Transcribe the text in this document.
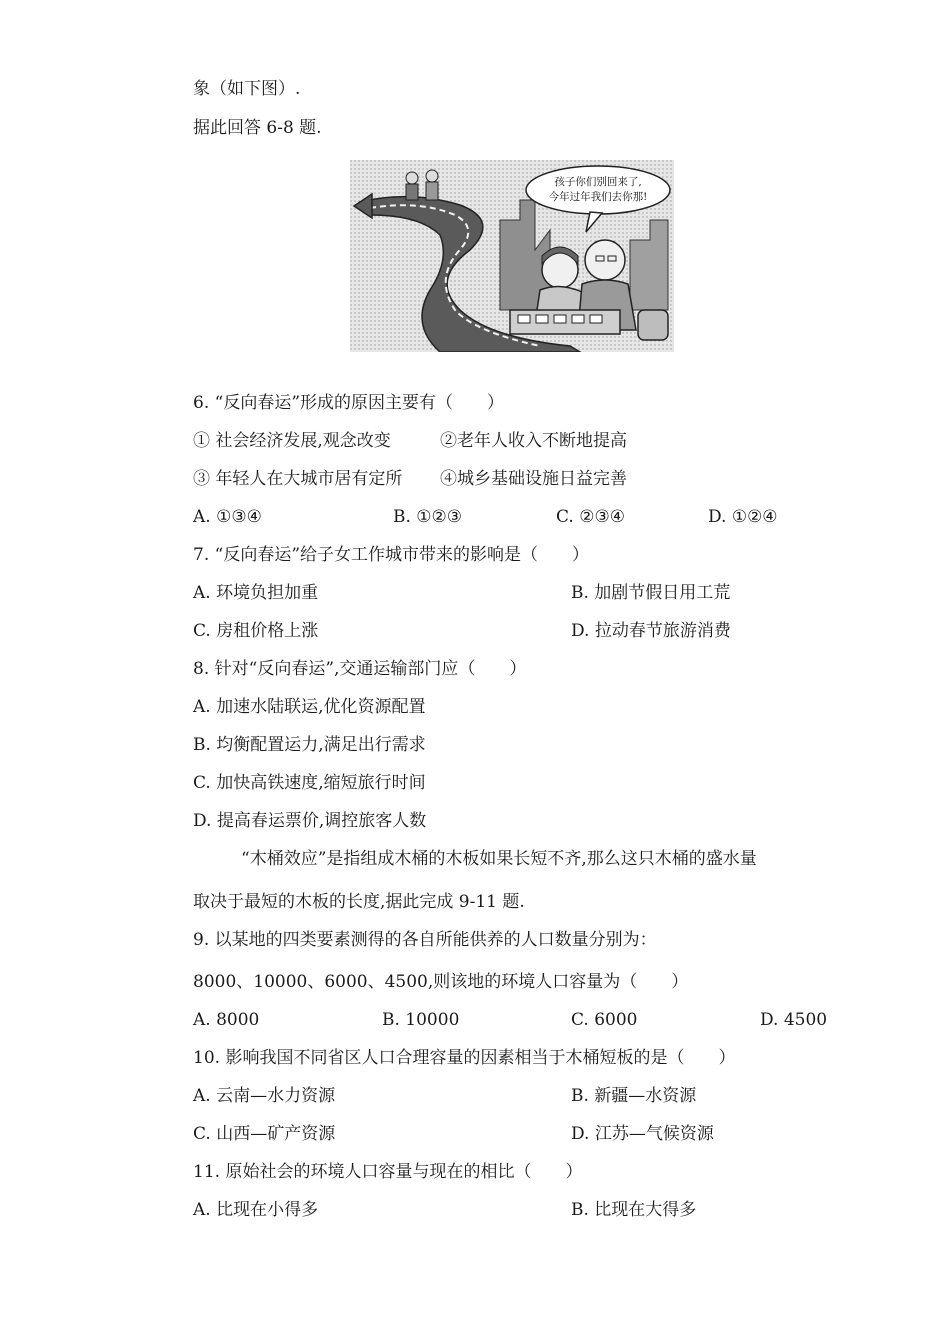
象（如下图）.
据此回答 6-8 题.
孩子你们别回来了,
今年过年我们去你那!
6. “反向春运”形成的原因主要有（　　）
① 社会经济发展,观念改变	②老年人收入不断地提高
③ 年轻人在大城市居有定所 ④城乡基础设施日益完善
A. ①③④	B. ①②③	C. ②③④	D. ①②④
7. “反向春运”给子女工作城市带来的影响是（　　）
A. 环境负担加重	B. 加剧节假日用工荒
C. 房租价格上涨	D. 拉动春节旅游消费
8. 针对“反向春运”,交通运输部门应（　　）
A. 加速水陆联运,优化资源配置
B. 均衡配置运力,满足出行需求
C. 加快高铁速度,缩短旅行时间
D. 提高春运票价,调控旅客人数
“木桶效应”是指组成木桶的木板如果长短不齐,那么这只木桶的盛水量
取决于最短的木板的长度,据此完成 9-11 题.
9. 以某地的四类要素测得的各自所能供养的人口数量分别为：
8000、10000、6000、4500,则该地的环境人口容量为（　　）
A. 8000	B. 10000	C. 6000	D. 4500
10. 影响我国不同省区人口合理容量的因素相当于木桶短板的是（　　）
A. 云南—水力资源	B. 新疆—水资源
C. 山西—矿产资源	D. 江苏—气候资源
11. 原始社会的环境人口容量与现在的相比（　　）
A. 比现在小得多	B. 比现在大得多
